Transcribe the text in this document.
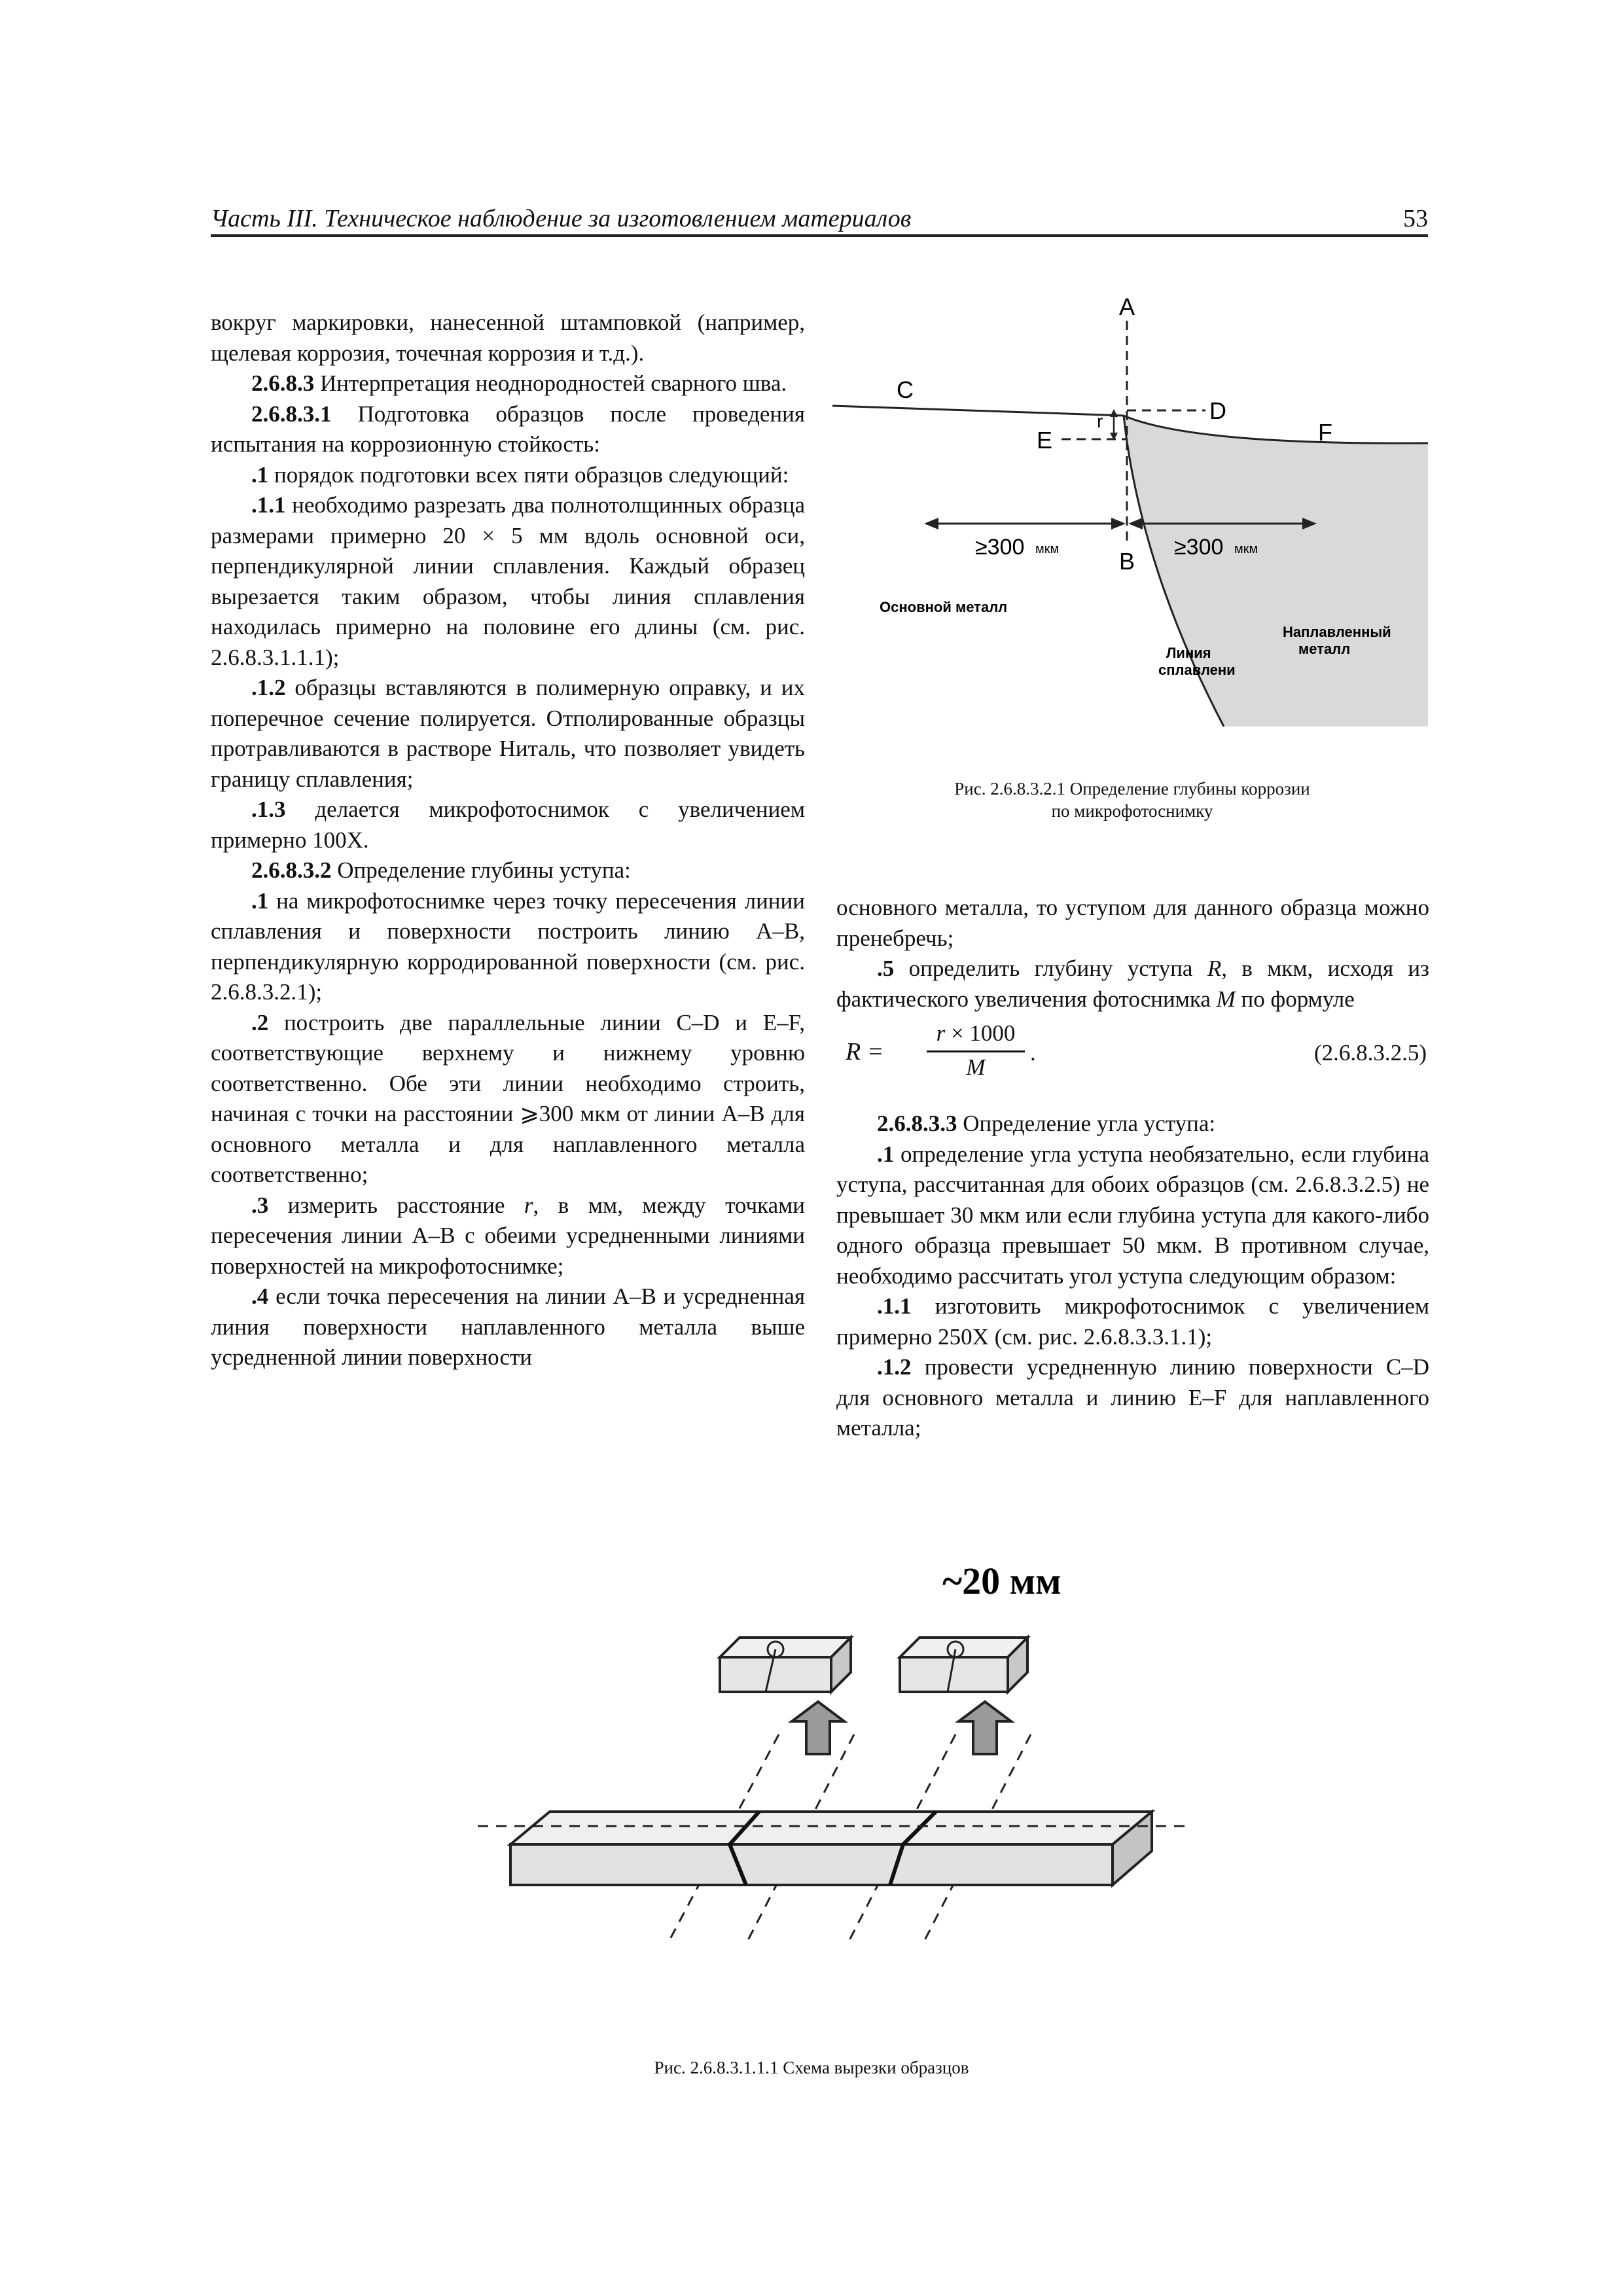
Часть III. Техническое наблюдение за изготовлением материалов	53

вокруг маркировки, нанесенной штамповкой (например, щелевая коррозия, точечная коррозия и т.д.).

2.6.8.3 Интерпретация неоднородностей сварного шва.

2.6.8.3.1 Подготовка образцов после проведения испытания на коррозионную стойкость:

.1 порядок подготовки всех пяти образцов следующий:

.1.1 необходимо разрезать два полнотолщинных образца размерами примерно 20 × 5 мм вдоль основной оси, перпендикулярной линии сплавления. Каждый образец вырезается таким образом, чтобы линия сплавления находилась примерно на половине его длины (см. рис. 2.6.8.3.1.1.1);

.1.2 образцы вставляются в полимерную оправку, и их поперечное сечение полируется. Отполированные образцы протравливаются в растворе Ниталь, что позволяет увидеть границу сплавления;

.1.3 делается микрофотоснимок с увеличением примерно 100X.

2.6.8.3.2 Определение глубины уступа:

.1 на микрофотоснимке через точку пересечения линии сплавления и поверхности построить линию A–B, перпендикулярную корродированной поверхности (см. рис. 2.6.8.3.2.1);

.2 построить две параллельные линии C–D и E–F, соответствующие верхнему и нижнему уровню соответственно. Обе эти линии необходимо строить, начиная с точки на расстоянии ⩾300 мкм от линии A–B для основного металла и для наплавленного металла соответственно;

.3 измерить расстояние r, в мм, между точками пересечения линии A–B с обеими усредненными линиями поверхностей на микрофотоснимке;

.4 если точка пересечения на линии A–B и усредненная линия поверхности наплавленного металла выше усредненной линии поверхности

A
B
C
D
E	F
r
≥300 мкм	≥300 мкм
Основной металл
Наплавленный
металл
Линия
сплавлени
Рис. 2.6.8.3.2.1 Определение глубины коррозии
по микрофотоснимку

основного металла, то уступом для данного образца можно пренебречь;

.5 определить глубину уступа R, в мкм, исходя из фактического увеличения фотоснимка M по формуле

$R = \frac{r \times 1000}{M}$ .	(2.6.8.3.2.5)

2.6.8.3.3 Определение угла уступа:

.1 определение угла уступа необязательно, если глубина уступа, рассчитанная для обоих образцов (см. 2.6.8.3.2.5) не превышает 30 мкм или если глубина уступа для какого-либо одного образца превышает 50 мкм. В противном случае, необходимо рассчитать угол уступа следующим образом:

.1.1 изготовить микрофотоснимок с увеличением примерно 250X (см. рис. 2.6.8.3.3.1.1);

.1.2 провести усредненную линию поверхности C–D для основного металла и линию E–F для наплавленного металла;

~20 мм
Рис. 2.6.8.3.1.1.1 Схема вырезки образцов
